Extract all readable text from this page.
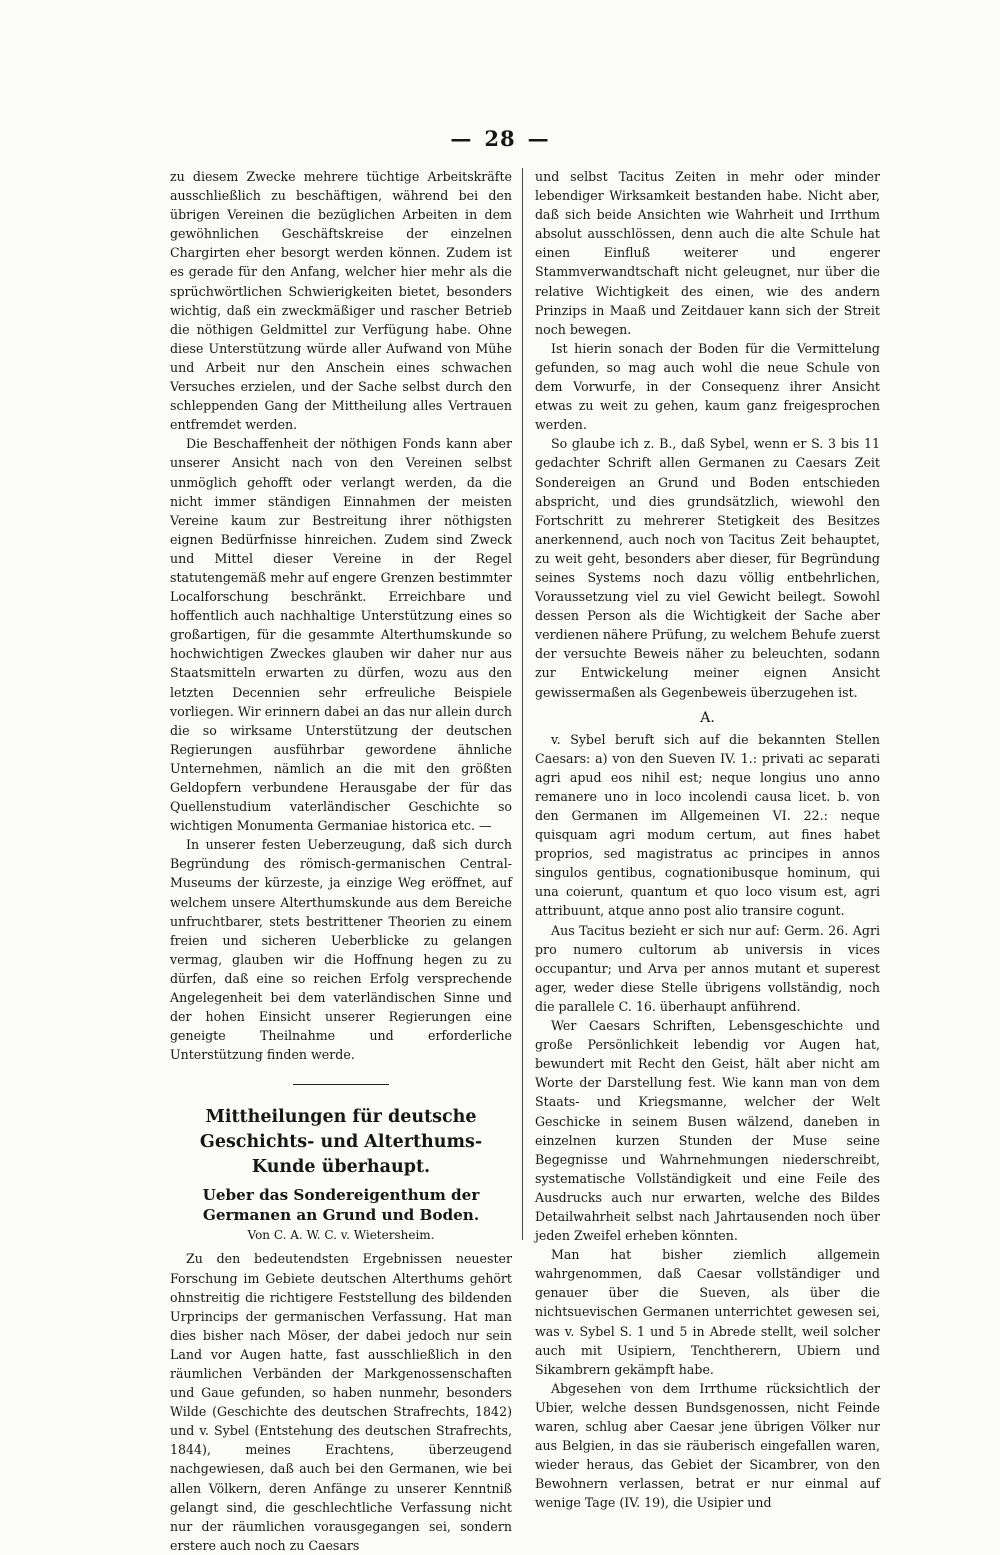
— 28 —

zu diesem Zwecke mehrere tüchtige Arbeitskräfte ausschließlich zu beschäftigen, während bei den übrigen Vereinen die bezüglichen Arbeiten in dem gewöhnlichen Geschäftskreise der einzelnen Chargirten eher besorgt werden können. Zudem ist es gerade für den Anfang, welcher hier mehr als die sprüchwörtlichen Schwierigkeiten bietet, besonders wichtig, daß ein zweckmäßiger und rascher Betrieb die nöthigen Geldmittel zur Verfügung habe. Ohne diese Unterstützung würde aller Aufwand von Mühe und Arbeit nur den Anschein eines schwachen Versuches erzielen, und der Sache selbst durch den schleppenden Gang der Mittheilung alles Vertrauen entfremdet werden.

Die Beschaffenheit der nöthigen Fonds kann aber unserer Ansicht nach von den Vereinen selbst unmöglich gehofft oder verlangt werden, da die nicht immer ständigen Einnahmen der meisten Vereine kaum zur Bestreitung ihrer nöthigsten eignen Bedürfnisse hinreichen. Zudem sind Zweck und Mittel dieser Vereine in der Regel statutengemäß mehr auf engere Grenzen bestimmter Localforschung beschränkt. Erreichbare und hoffentlich auch nachhaltige Unterstützung eines so großartigen, für die gesammte Alterthumskunde so hochwichtigen Zweckes glauben wir daher nur aus Staatsmitteln erwarten zu dürfen, wozu aus den letzten Decennien sehr erfreuliche Beispiele vorliegen. Wir erinnern dabei an das nur allein durch die so wirksame Unterstützung der deutschen Regierungen ausführbar gewordene ähnliche Unternehmen, nämlich an die mit den größten Geldopfern verbundene Herausgabe der für das Quellenstudium vaterländischer Geschichte so wichtigen Monumenta Germaniae historica etc. —

In unserer festen Ueberzeugung, daß sich durch Begründung des römisch-germanischen Central-Museums der kürzeste, ja einzige Weg eröffnet, auf welchem unsere Alterthumskunde aus dem Bereiche unfruchtbarer, stets bestrittener Theorien zu einem freien und sicheren Ueberblicke zu gelangen vermag, glauben wir die Hoffnung hegen zu zu dürfen, daß eine so reichen Erfolg versprechende Angelegenheit bei dem vaterländischen Sinne und der hohen Einsicht unserer Regierungen eine geneigte Theilnahme und erforderliche Unterstützung finden werde.

Mittheilungen für deutsche Geschichts- und Alterthums-Kunde überhaupt.
Ueber das Sondereigenthum der Germanen an Grund und Boden.
Von C. A. W. C. v. Wietersheim.

Zu den bedeutendsten Ergebnissen neuester Forschung im Gebiete deutschen Alterthums gehört ohnstreitig die richtigere Feststellung des bildenden Urprincips der germanischen Verfassung. Hat man dies bisher nach Möser, der dabei jedoch nur sein Land vor Augen hatte, fast ausschließlich in den räumlichen Verbänden der Markgenossenschaften und Gaue gefunden, so haben nunmehr, besonders Wilde (Geschichte des deutschen Strafrechts, 1842) und v. Sybel (Entstehung des deutschen Strafrechts, 1844), meines Erachtens, überzeugend nachgewiesen, daß auch bei den Germanen, wie bei allen Völkern, deren Anfänge zu unserer Kenntniß gelangt sind, die geschlechtliche Verfassung nicht nur der räumlichen vorausgegangen sei, sondern erstere auch noch zu Caesars

und selbst Tacitus Zeiten in mehr oder minder lebendiger Wirksamkeit bestanden habe. Nicht aber, daß sich beide Ansichten wie Wahrheit und Irrthum absolut ausschlössen, denn auch die alte Schule hat einen Einfluß weiterer und engerer Stammverwandtschaft nicht geleugnet, nur über die relative Wichtigkeit des einen, wie des andern Prinzips in Maaß und Zeitdauer kann sich der Streit noch bewegen.

Ist hierin sonach der Boden für die Vermittelung gefunden, so mag auch wohl die neue Schule von dem Vorwurfe, in der Consequenz ihrer Ansicht etwas zu weit zu gehen, kaum ganz freigesprochen werden.

So glaube ich z. B., daß Sybel, wenn er S. 3 bis 11 gedachter Schrift allen Germanen zu Caesars Zeit Sondereigen an Grund und Boden entschieden abspricht, und dies grundsätzlich, wiewohl den Fortschritt zu mehrerer Stetigkeit des Besitzes anerkennend, auch noch von Tacitus Zeit behauptet, zu weit geht, besonders aber dieser, für Begründung seines Systems noch dazu völlig entbehrlichen, Voraussetzung viel zu viel Gewicht beilegt. Sowohl dessen Person als die Wichtigkeit der Sache aber verdienen nähere Prüfung, zu welchem Behufe zuerst der versuchte Beweis näher zu beleuchten, sodann zur Entwickelung meiner eignen Ansicht gewissermaßen als Gegenbeweis überzugehen ist.

A.

v. Sybel beruft sich auf die bekannten Stellen Caesars: a) von den Sueven IV. 1.: privati ac separati agri apud eos nihil est; neque longius uno anno remanere uno in loco incolendi causa licet. b. von den Germanen im Allgemeinen VI. 22.: neque quisquam agri modum certum, aut fines habet proprios, sed magistratus ac principes in annos singulos gentibus, cognationibusque hominum, qui una coierunt, quantum et quo loco visum est, agri attribuunt, atque anno post alio transire cogunt.

Aus Tacitus bezieht er sich nur auf: Germ. 26. Agri pro numero cultorum ab universis in vices occupantur; und Arva per annos mutant et superest ager, weder diese Stelle übrigens vollständig, noch die parallele C. 16. überhaupt anführend.

Wer Caesars Schriften, Lebensgeschichte und große Persönlichkeit lebendig vor Augen hat, bewundert mit Recht den Geist, hält aber nicht am Worte der Darstellung fest. Wie kann man von dem Staats- und Kriegsmanne, welcher der Welt Geschicke in seinem Busen wälzend, daneben in einzelnen kurzen Stunden der Muse seine Begegnisse und Wahrnehmungen niederschreibt, systematische Vollständigkeit und eine Feile des Ausdrucks auch nur erwarten, welche des Bildes Detailwahrheit selbst nach Jahrtausenden noch über jeden Zweifel erheben könnten.

Man hat bisher ziemlich allgemein wahrgenommen, daß Caesar vollständiger und genauer über die Sueven, als über die nichtsuevischen Germanen unterrichtet gewesen sei, was v. Sybel S. 1 und 5 in Abrede stellt, weil solcher auch mit Usipiern, Tenchtherern, Ubiern und Sikambrern gekämpft habe.

Abgesehen von dem Irrthume rücksichtlich der Ubier, welche dessen Bundsgenossen, nicht Feinde waren, schlug aber Caesar jene übrigen Völker nur aus Belgien, in das sie räuberisch eingefallen waren, wieder heraus, das Gebiet der Sicambrer, von den Bewohnern verlassen, betrat er nur einmal auf wenige Tage (IV. 19), die Usipier und
